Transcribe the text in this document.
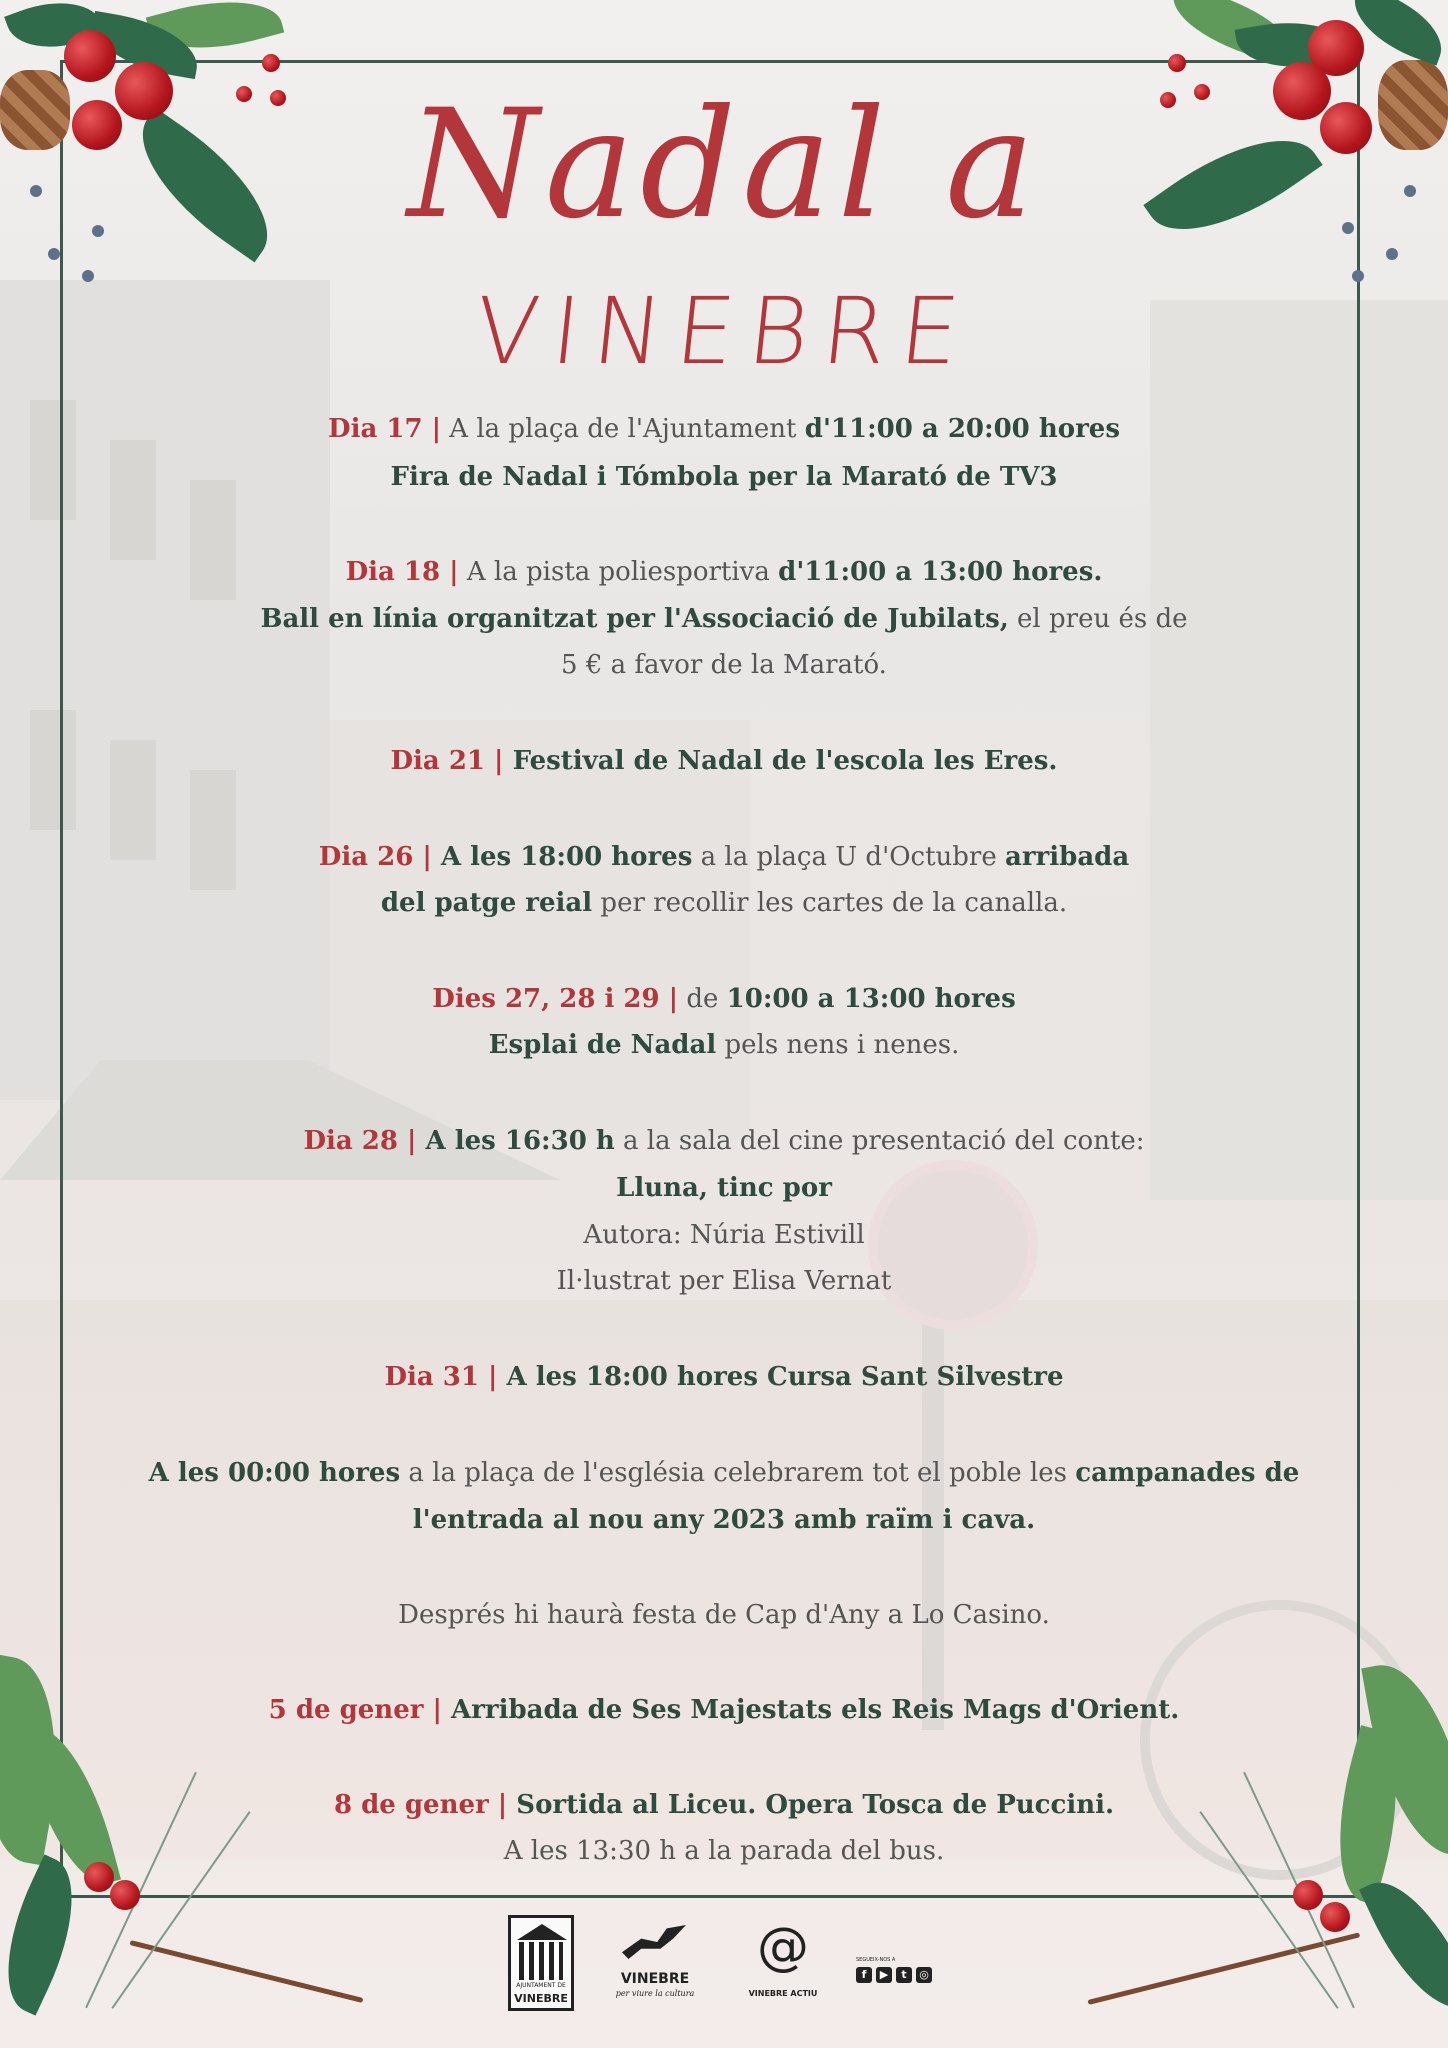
Nadal a
VINEBRE
Dia 17 | A la plaça de l'Ajuntament d'11:00 a 20:00 hores
Fira de Nadal i Tómbola per la Marató de TV3
Dia 18 | A la pista poliesportiva d'11:00 a 13:00 hores.
Ball en línia organitzat per l'Associació de Jubilats, el preu és de
5 € a favor de la Marató.
Dia 21 | Festival de Nadal de l'escola les Eres.
Dia 26 | A les 18:00 hores a la plaça U d'Octubre arribada
del patge reial per recollir les cartes de la canalla.
Dies 27, 28 i 29 | de 10:00 a 13:00 hores
Esplai de Nadal pels nens i nenes.
Dia 28 | A les 16:30 h a la sala del cine presentació del conte:
Lluna, tinc por
Autora: Núria Estivill
Il·lustrat per Elisa Vernat
Dia 31 | A les 18:00 hores Cursa Sant Silvestre
A les 00:00 hores a la plaça de l'església celebrarem tot el poble les campanades de
l'entrada al nou any 2023 amb raïm i cava.
Després hi haurà festa de Cap d'Any a Lo Casino.
5 de gener | Arribada de Ses Majestats els Reis Mags d'Orient.
8 de gener | Sortida al Liceu. Opera Tosca de Puccini.
A les 13:30 h a la parada del bus.
AJUNTAMENT DE
VINEBRE
VINEBRE
per viure la cultura
@
VINEBRE ACTIU
SEGUEIX-NOS A
f	▶	t	◎
